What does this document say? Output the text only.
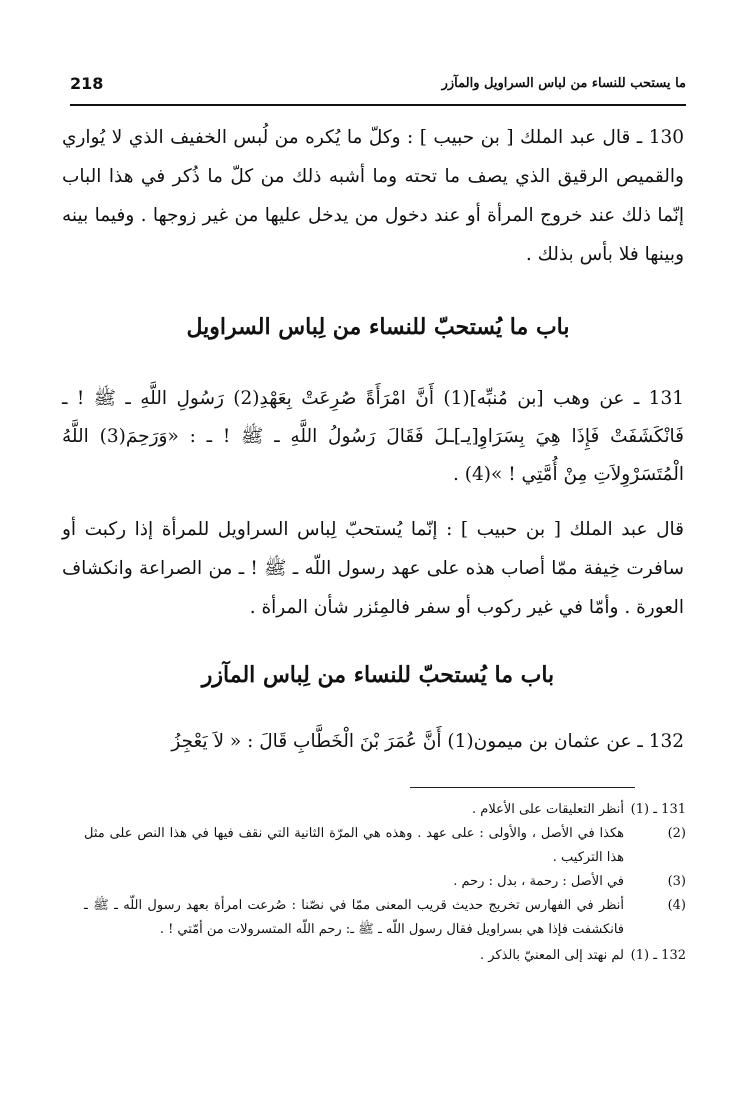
218	ما يستحب للنساء من لباس السراويل والمآزر

130 ـ قال عبد الملك [ بن حبيب ] : وكلّ ما يُكره من لُبس الخفيف الذي لا يُواري والقميص الرقيق الذي يصف ما تحته وما أشبه ذلك من كلّ ما ذُكر في هذا الباب إنّما ذلك عند خروج المرأة أو عند دخول من يدخل عليها من غير زوجها . وفيما بينه وبينها فلا بأس بذلك .

باب ما يُستحبّ للنساء من لِباس السراويل

131 ـ عن وهب [بن مُنبِّه](1) أَنَّ امْرَأَةً صُرِعَتْ بِعَهْدِ(2) رَسُولِ اللَّهِ ـ ﷺ ! ـ فَانْكَشَفَتْ فَإِذَا هِيَ بِسَرَاوِ[يـ]ـلَ فَقَالَ رَسُولُ اللَّهِ ـ ﷺ ! ـ : «وَرَحِمَ(3) اللَّهُ الْمُتَسَرْوِلاَتِ مِنْ أُمَّتِي ! »(4) .

قال عبد الملك [ بن حبيب ] : إنّما يُستحبّ لِباس السراويل للمرأة إذا ركبت أو سافرت خِيفة ممّا أصاب هذه على عهد رسول اللّه ـ ﷺ ! ـ من الصراعة وانكشاف العورة . وأمّا في غير ركوب أو سفر فالمِئزر شأن المرأة .

باب ما يُستحبّ للنساء من لِباس المآزر

132 ـ عن عثمان بن ميمون(1) أَنَّ عُمَرَ بْنَ الْخَطَّابِ قَالَ : « لاَ يَعْجِزُ

131 ـ (1)
أنظر التعليقات على الأعلام .
(2)
هكذا في الأصل ، والأولى : على عهد . وهذه هي المرّة الثانية التي نقف فيها في هذا النص على مثل هذا التركيب .
(3)
في الأصل : رحمة ، بدل : رحم .
(4)
أنظر في الفهارس تخريج حديث قريب المعنى ممّا في نصّنا : صُرعت امرأة بعهد رسول اللّه ـ ﷺ ـ فانكشفت فإذا هي بسراويل فقال رسول اللّه ـ ﷺ ـ: رحم اللّه المتسرولات من أمّتي ! .
132 ـ (1)
لم نهتد إلى المعنيّ بالذكر .
